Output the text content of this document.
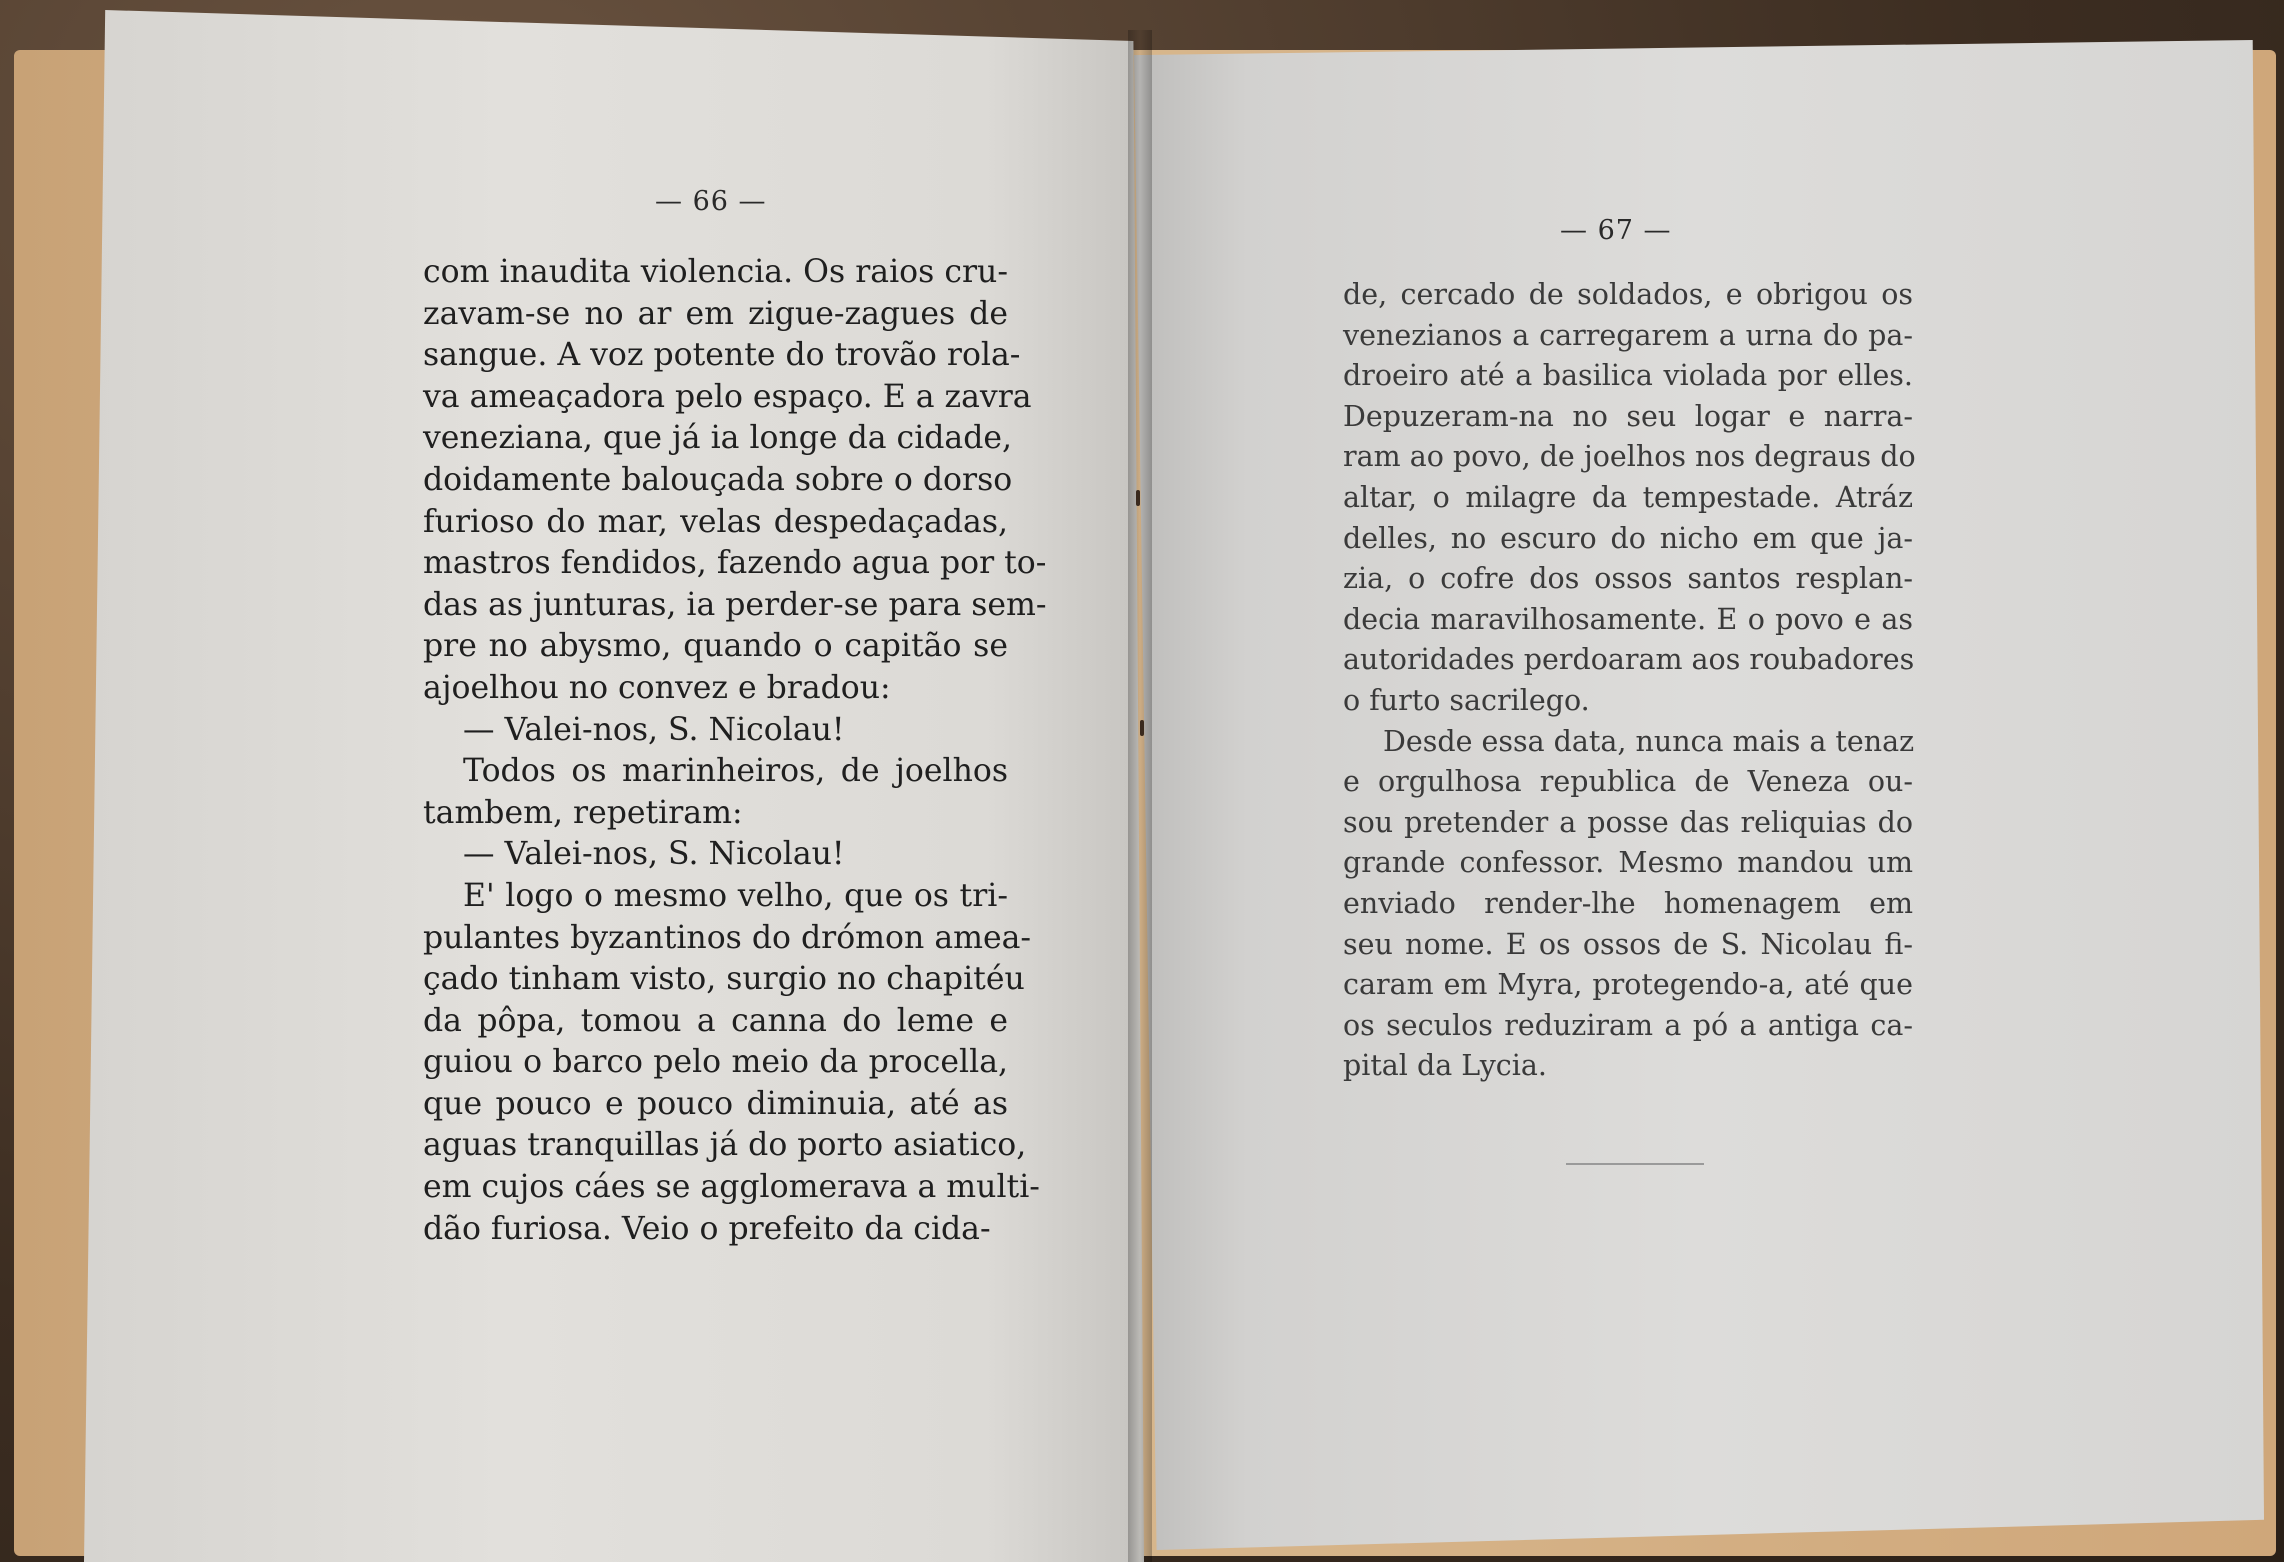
— 66 —
com inaudita violencia. Os raios cru-
zavam-se no ar em zigue-zagues de
sangue. A voz potente do trovão rola-
va ameaçadora pelo espaço. E a zavra
veneziana, que já ia longe da cidade,
doidamente balouçada sobre o dorso
furioso do mar, velas despedaçadas,
mastros fendidos, fazendo agua por to-
das as junturas, ia perder-se para sem-
pre no abysmo, quando o capitão se
ajoelhou no convez e bradou:
— Valei-nos, S. Nicolau!
Todos os marinheiros, de joelhos
tambem, repetiram:
— Valei-nos, S. Nicolau!
E' logo o mesmo velho, que os tri-
pulantes byzantinos do drómon amea-
çado tinham visto, surgio no chapitéu
da pôpa, tomou a canna do leme e
guiou o barco pelo meio da procella,
que pouco e pouco diminuia, até as
aguas tranquillas já do porto asiatico,
em cujos cáes se agglomerava a multi-
dão furiosa. Veio o prefeito da cida-
— 67 —
de, cercado de soldados, e obrigou os
venezianos a carregarem a urna do pa-
droeiro até a basilica violada por elles.
Depuzeram-na no seu logar e narra-
ram ao povo, de joelhos nos degraus do
altar, o milagre da tempestade. Atráz
delles, no escuro do nicho em que ja-
zia, o cofre dos ossos santos resplan-
decia maravilhosamente. E o povo e as
autoridades perdoaram aos roubadores
o furto sacrilego.
Desde essa data, nunca mais a tenaz
e orgulhosa republica de Veneza ou-
sou pretender a posse das reliquias do
grande confessor. Mesmo mandou um
enviado render-lhe homenagem em
seu nome. E os ossos de S. Nicolau fi-
caram em Myra, protegendo-a, até que
os seculos reduziram a pó a antiga ca-
pital da Lycia.
